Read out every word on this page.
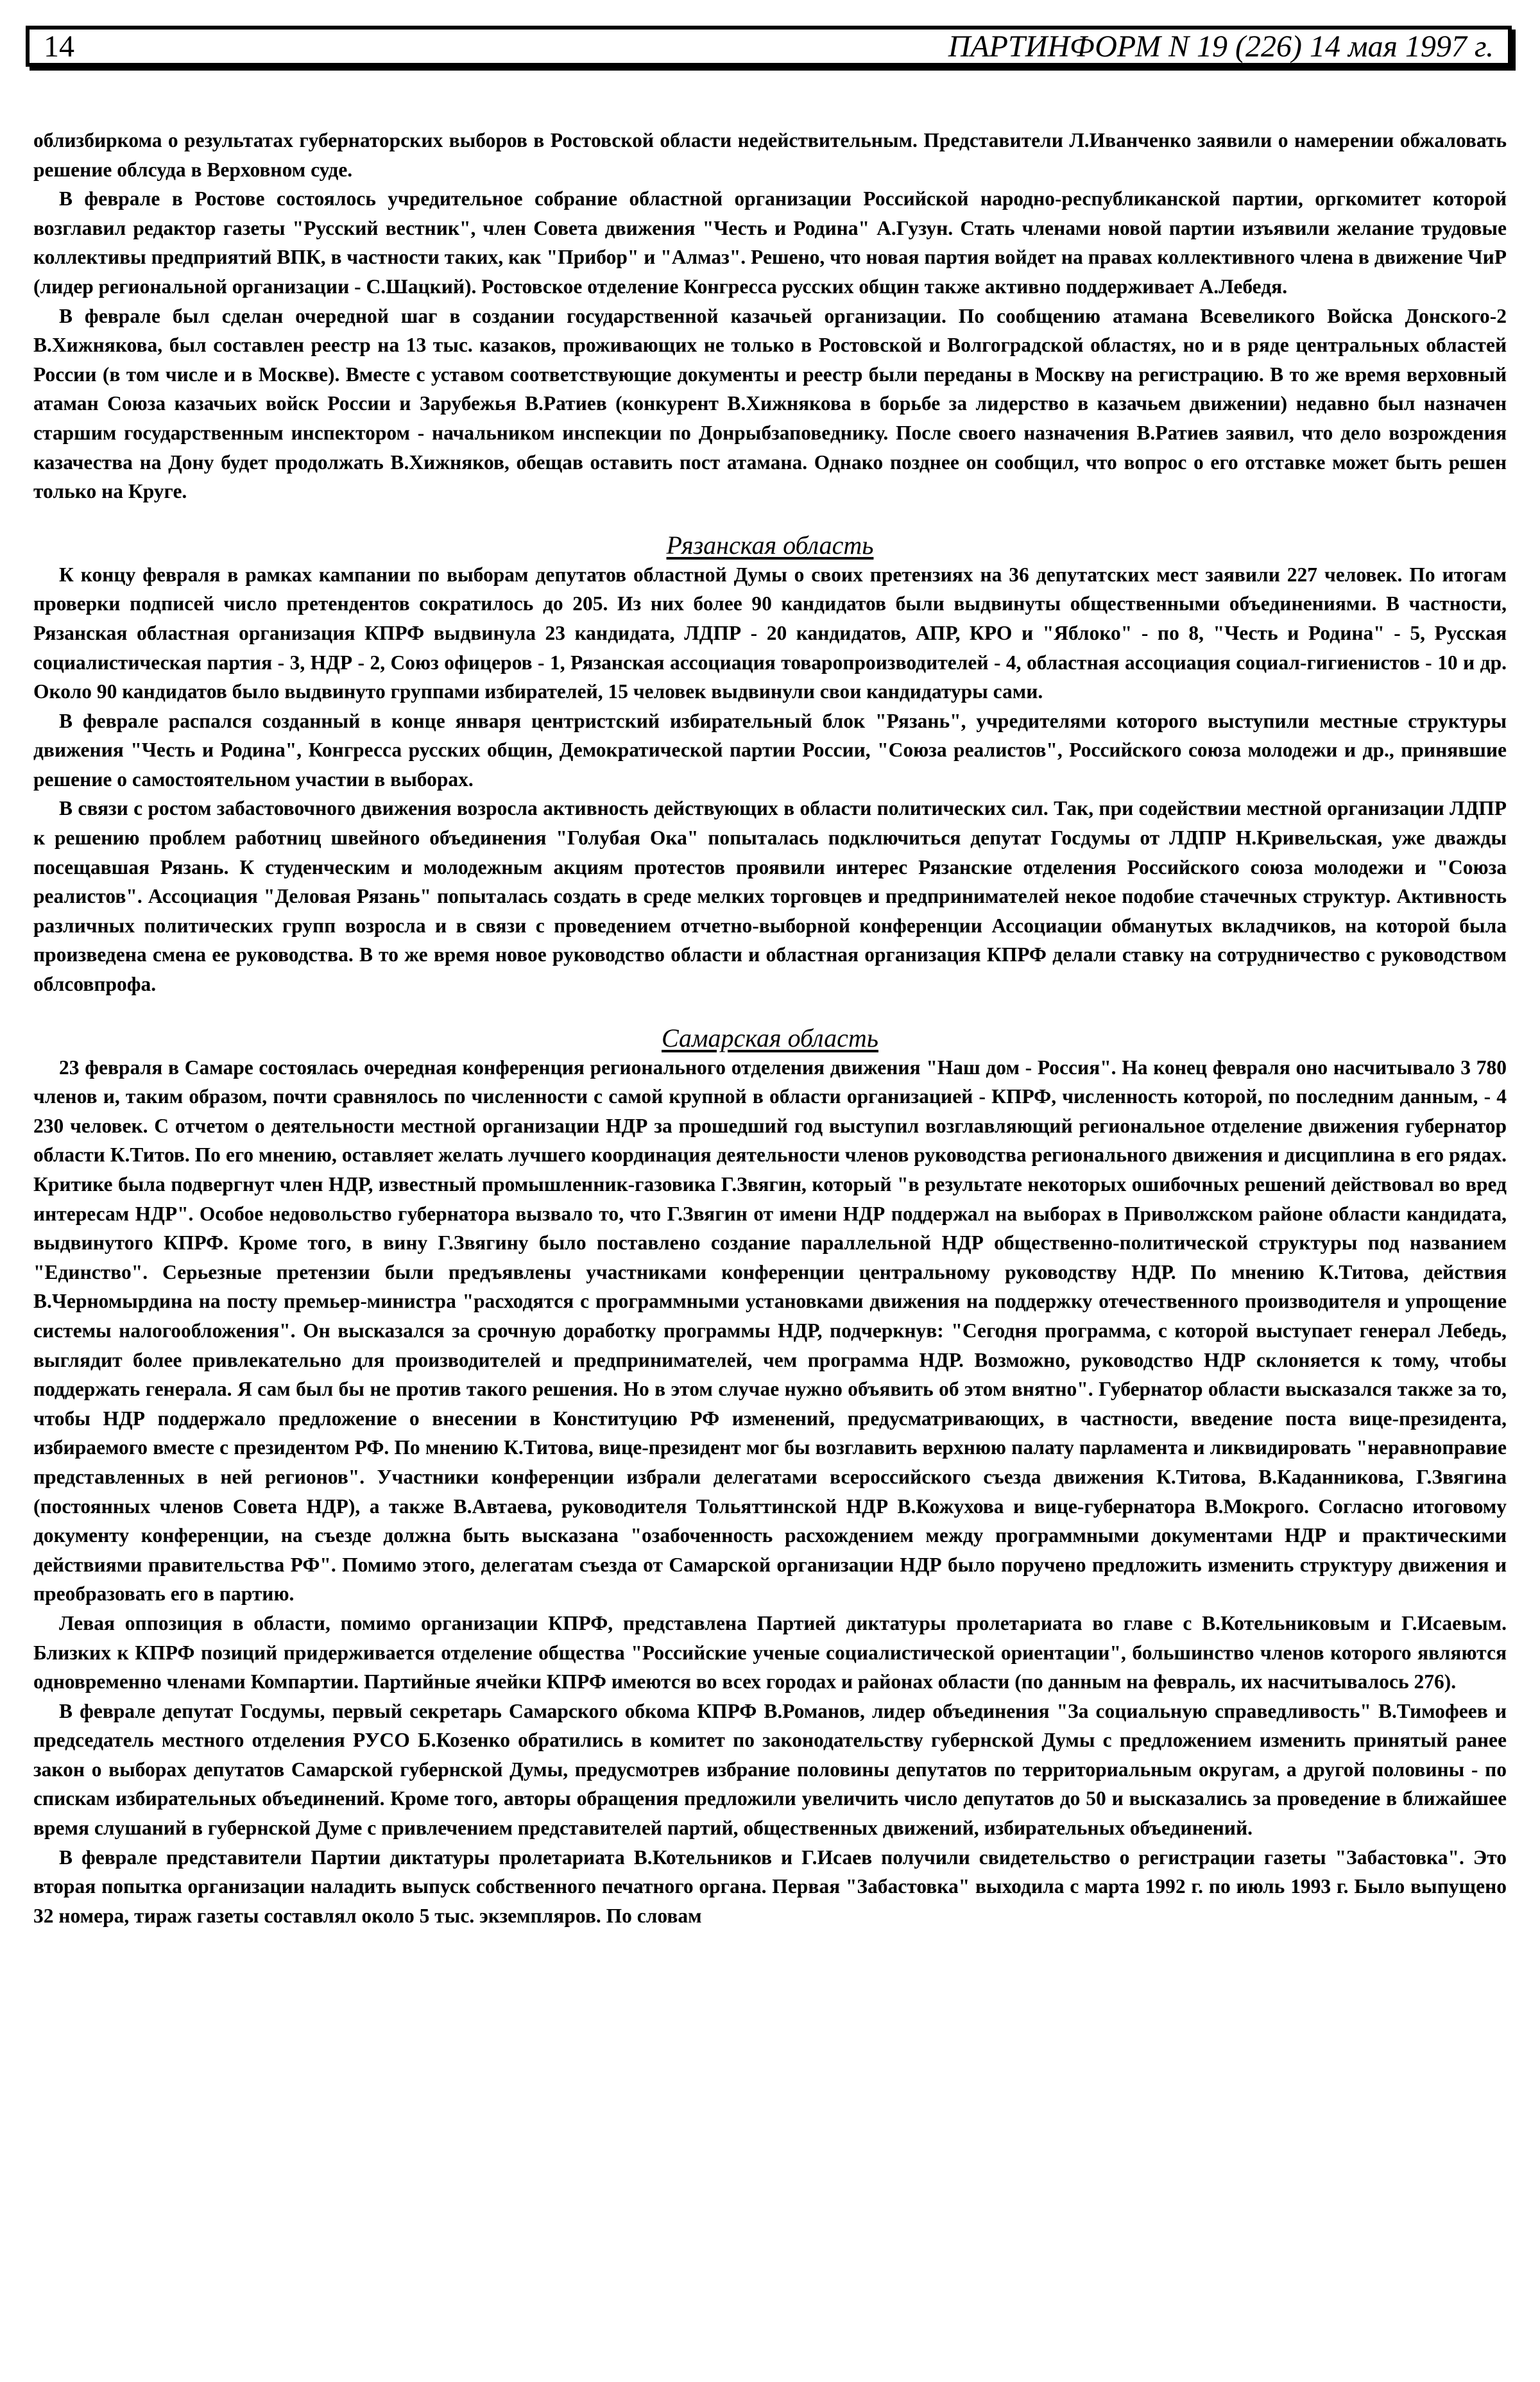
14	ПАРТИНФОРМ N 19 (226) 14 мая 1997 г.

облизбиркома о результатах губернаторских выборов в Ростовской области недействительным. Представители Л.Иванченко заявили о намерении обжаловать решение облсуда в Верховном суде.

В феврале в Ростове состоялось учредительное собрание областной организации Российской народно-республиканской партии, оргкомитет которой возглавил редактор газеты "Русский вестник", член Совета движения "Честь и Родина" А.Гузун. Стать членами новой партии изъявили желание трудовые коллективы предприятий ВПК, в частности таких, как "Прибор" и "Алмаз". Решено, что новая партия войдет на правах коллективного члена в движение ЧиР (лидер региональной организации - С.Шацкий). Ростовское отделение Конгресса русских общин также активно поддерживает А.Лебедя.

В феврале был сделан очередной шаг в создании государственной казачьей организации. По сообщению атамана Всевеликого Войска Донского-2 В.Хижнякова, был составлен реестр на 13 тыс. казаков, проживающих не только в Ростовской и Волгоградской областях, но и в ряде центральных областей России (в том числе и в Москве). Вместе с уставом соответствующие документы и реестр были переданы в Москву на регистрацию. В то же время верховный атаман Союза казачьих войск России и Зарубежья В.Ратиев (конкурент В.Хижнякова в борьбе за лидерство в казачьем движении) недавно был назначен старшим государственным инспектором - начальником инспекции по Донрыбзаповеднику. После своего назначения В.Ратиев заявил, что дело возрождения казачества на Дону будет продолжать В.Хижняков, обещав оставить пост атамана. Однако позднее он сообщил, что вопрос о его отставке может быть решен только на Круге.

Рязанская область

К концу февраля в рамках кампании по выборам депутатов областной Думы о своих претензиях на 36 депутатских мест заявили 227 человек. По итогам проверки подписей число претендентов сократилось до 205. Из них более 90 кандидатов были выдвинуты общественными объединениями. В частности, Рязанская областная организация КПРФ выдвинула 23 кандидата, ЛДПР - 20 кандидатов, АПР, КРО и "Яблоко" - по 8, "Честь и Родина" - 5, Русская социалистическая партия - 3, НДР - 2, Союз офицеров - 1, Рязанская ассоциация товаропроизводителей - 4, областная ассоциация социал-гигиенистов - 10 и др. Около 90 кандидатов было выдвинуто группами избирателей, 15 человек выдвинули свои кандидатуры сами.

В феврале распался созданный в конце января центристский избирательный блок "Рязань", учредителями которого выступили местные структуры движения "Честь и Родина", Конгресса русских общин, Демократической партии России, "Союза реалистов", Российского союза молодежи и др., принявшие решение о самостоятельном участии в выборах.

В связи с ростом забастовочного движения возросла активность действующих в области политических сил. Так, при содействии местной организации ЛДПР к решению проблем работниц швейного объединения "Голубая Ока" попыталась подключиться депутат Госдумы от ЛДПР Н.Кривельская, уже дважды посещавшая Рязань. К студенческим и молодежным акциям протестов проявили интерес Рязанские отделения Российского союза молодежи и "Союза реалистов". Ассоциация "Деловая Рязань" попыталась создать в среде мелких торговцев и предпринимателей некое подобие стачечных структур. Активность различных политических групп возросла и в связи с проведением отчетно-выборной конференции Ассоциации обманутых вкладчиков, на которой была произведена смена ее руководства. В то же время новое руководство области и областная организация КПРФ делали ставку на сотрудничество с руководством облсовпрофа.

Самарская область

23 февраля в Самаре состоялась очередная конференция регионального отделения движения "Наш дом - Россия". На конец февраля оно насчитывало 3 780 членов и, таким образом, почти сравнялось по численности с самой крупной в области организацией - КПРФ, численность которой, по последним данным, - 4 230 человек. С отчетом о деятельности местной организации НДР за прошедший год выступил возглавляющий региональное отделение движения губернатор области К.Титов. По его мнению, оставляет желать лучшего координация деятельности членов руководства регионального движения и дисциплина в его рядах. Критике была подвергнут член НДР, известный промышленник-газовика Г.Звягин, который "в результате некоторых ошибочных решений действовал во вред интересам НДР". Особое недовольство губернатора вызвало то, что Г.Звягин от имени НДР поддержал на выборах в Приволжском районе области кандидата, выдвинутого КПРФ. Кроме того, в вину Г.Звягину было поставлено создание параллельной НДР общественно-политической структуры под названием "Единство". Серьезные претензии были предъявлены участниками конференции центральному руководству НДР. По мнению К.Титова, действия В.Черномырдина на посту премьер-министра "расходятся с программными установками движения на поддержку отечественного производителя и упрощение системы налогообложения". Он высказался за срочную доработку программы НДР, подчеркнув: "Сегодня программа, с которой выступает генерал Лебедь, выглядит более привлекательно для производителей и предпринимателей, чем программа НДР. Возможно, руководство НДР склоняется к тому, чтобы поддержать генерала. Я сам был бы не против такого решения. Но в этом случае нужно объявить об этом внятно". Губернатор области высказался также за то, чтобы НДР поддержало предложение о внесении в Конституцию РФ изменений, предусматривающих, в частности, введение поста вице-президента, избираемого вместе с президентом РФ. По мнению К.Титова, вице-президент мог бы возглавить верхнюю палату парламента и ликвидировать "неравноправие представленных в ней регионов". Участники конференции избрали делегатами всероссийского съезда движения К.Титова, В.Каданникова, Г.Звягина (постоянных членов Совета НДР), а также В.Автаева, руководителя Тольяттинской НДР В.Кожухова и вице-губернатора В.Мокрого. Согласно итоговому документу конференции, на съезде должна быть высказана "озабоченность расхождением между программными документами НДР и практическими действиями правительства РФ". Помимо этого, делегатам съезда от Самарской организации НДР было поручено предложить изменить структуру движения и преобразовать его в партию.

Левая оппозиция в области, помимо организации КПРФ, представлена Партией диктатуры пролетариата во главе с В.Котельниковым и Г.Исаевым. Близких к КПРФ позиций придерживается отделение общества "Российские ученые социалистической ориентации", большинство членов которого являются одновременно членами Компартии. Партийные ячейки КПРФ имеются во всех городах и районах области (по данным на февраль, их насчитывалось 276).

В феврале депутат Госдумы, первый секретарь Самарского обкома КПРФ В.Романов, лидер объединения "За социальную справедливость" В.Тимофеев и председатель местного отделения РУСО Б.Козенко обратились в комитет по законодательству губернской Думы с предложением изменить принятый ранее закон о выборах депутатов Самарской губернской Думы, предусмотрев избрание половины депутатов по территориальным округам, а другой половины - по спискам избирательных объединений. Кроме того, авторы обращения предложили увеличить число депутатов до 50 и высказались за проведение в ближайшее время слушаний в губернской Думе с привлечением представителей партий, общественных движений, избирательных объединений.

В феврале представители Партии диктатуры пролетариата В.Котельников и Г.Исаев получили свидетельство о регистрации газеты "Забастовка". Это вторая попытка организации наладить выпуск собственного печатного органа. Первая "Забастовка" выходила с марта 1992 г. по июль 1993 г. Было выпущено 32 номера, тираж газеты составлял около 5 тыс. экземпляров. По словам
